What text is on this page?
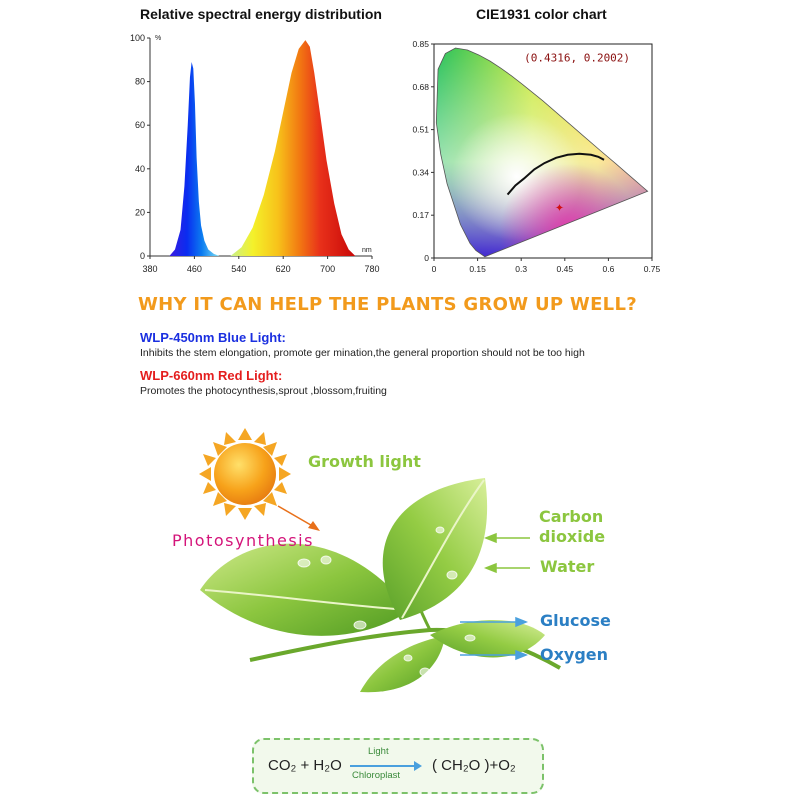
Relative spectral energy distribution
380	460	540	620	700	780
0
20
40
60
80
100 %
nm
CIE1931 color chart
✦
(0.4316, 0.2002)
0	0.15	0.3	0.45	0.6	0.75
0
0.17
0.34
0.51
0.68
0.85
WHY IT CAN HELP THE PLANTS GROW UP WELL?
WLP-450nm Blue Light:
Inhibits the stem elongation, promote ger mination,the general proportion should not be too high
WLP-660nm Red Light:
Promotes the photocynthesis,sprout ,blossom,fruiting
Growth light
Photosynthesis
Carbon
dioxide
Water
Glucose
Oxygen
CO₂ + H₂O
Light
Chloroplast
( CH₂O )+O₂
